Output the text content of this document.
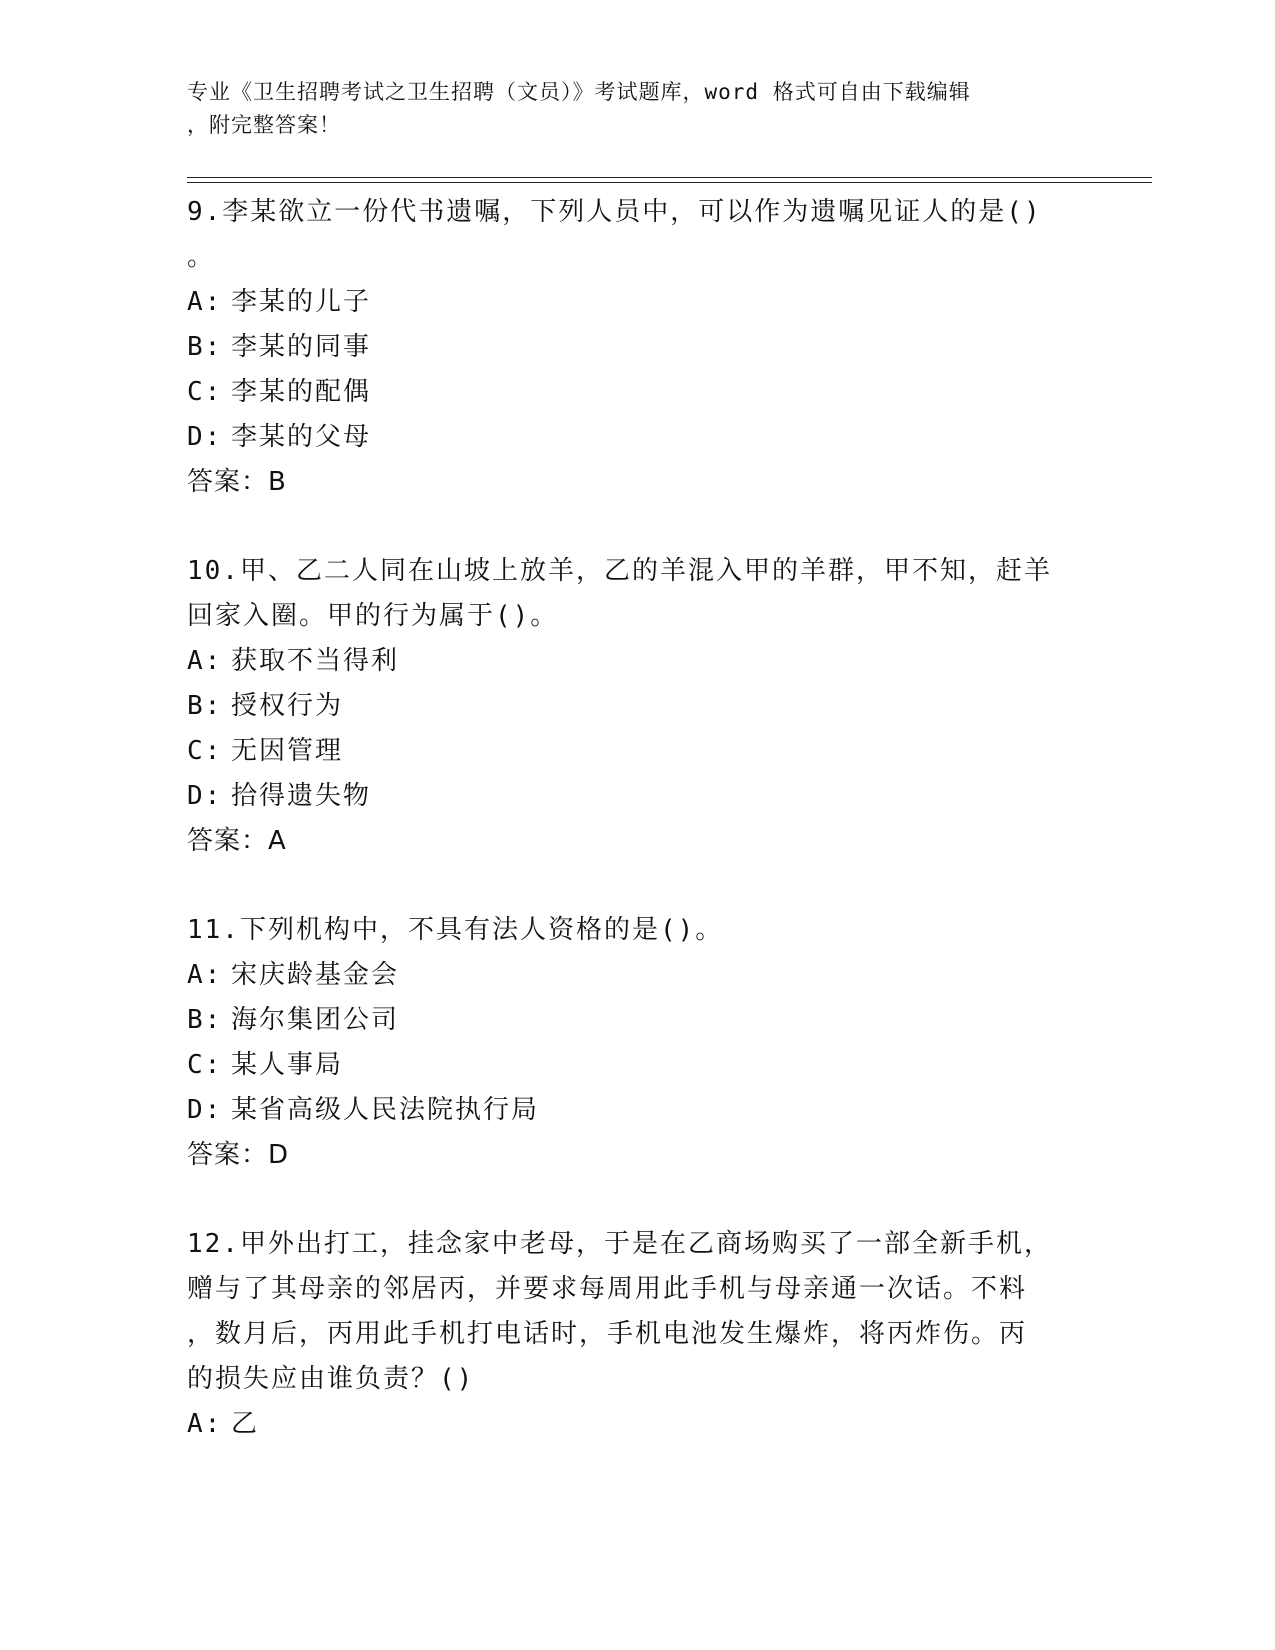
专业《卫生招聘考试之卫生招聘（文员）》考试题库，word 格式可自由下载编辑
，附完整答案！
9.李某欲立一份代书遗嘱，下列人员中，可以作为遗嘱见证人的是()
。
A: 李某的儿子
B: 李某的同事
C: 李某的配偶
D: 李某的父母
答案：B
10.甲、乙二人同在山坡上放羊，乙的羊混入甲的羊群，甲不知，赶羊
回家入圈。甲的行为属于()。
A: 获取不当得利
B: 授权行为
C: 无因管理
D: 拾得遗失物
答案：A
11.下列机构中，不具有法人资格的是()。
A: 宋庆龄基金会
B: 海尔集团公司
C: 某人事局
D: 某省高级人民法院执行局
答案：D
12.甲外出打工，挂念家中老母，于是在乙商场购买了一部全新手机，
赠与了其母亲的邻居丙，并要求每周用此手机与母亲通一次话。不料
，数月后，丙用此手机打电话时，手机电池发生爆炸，将丙炸伤。丙
的损失应由谁负责？()
A: 乙
